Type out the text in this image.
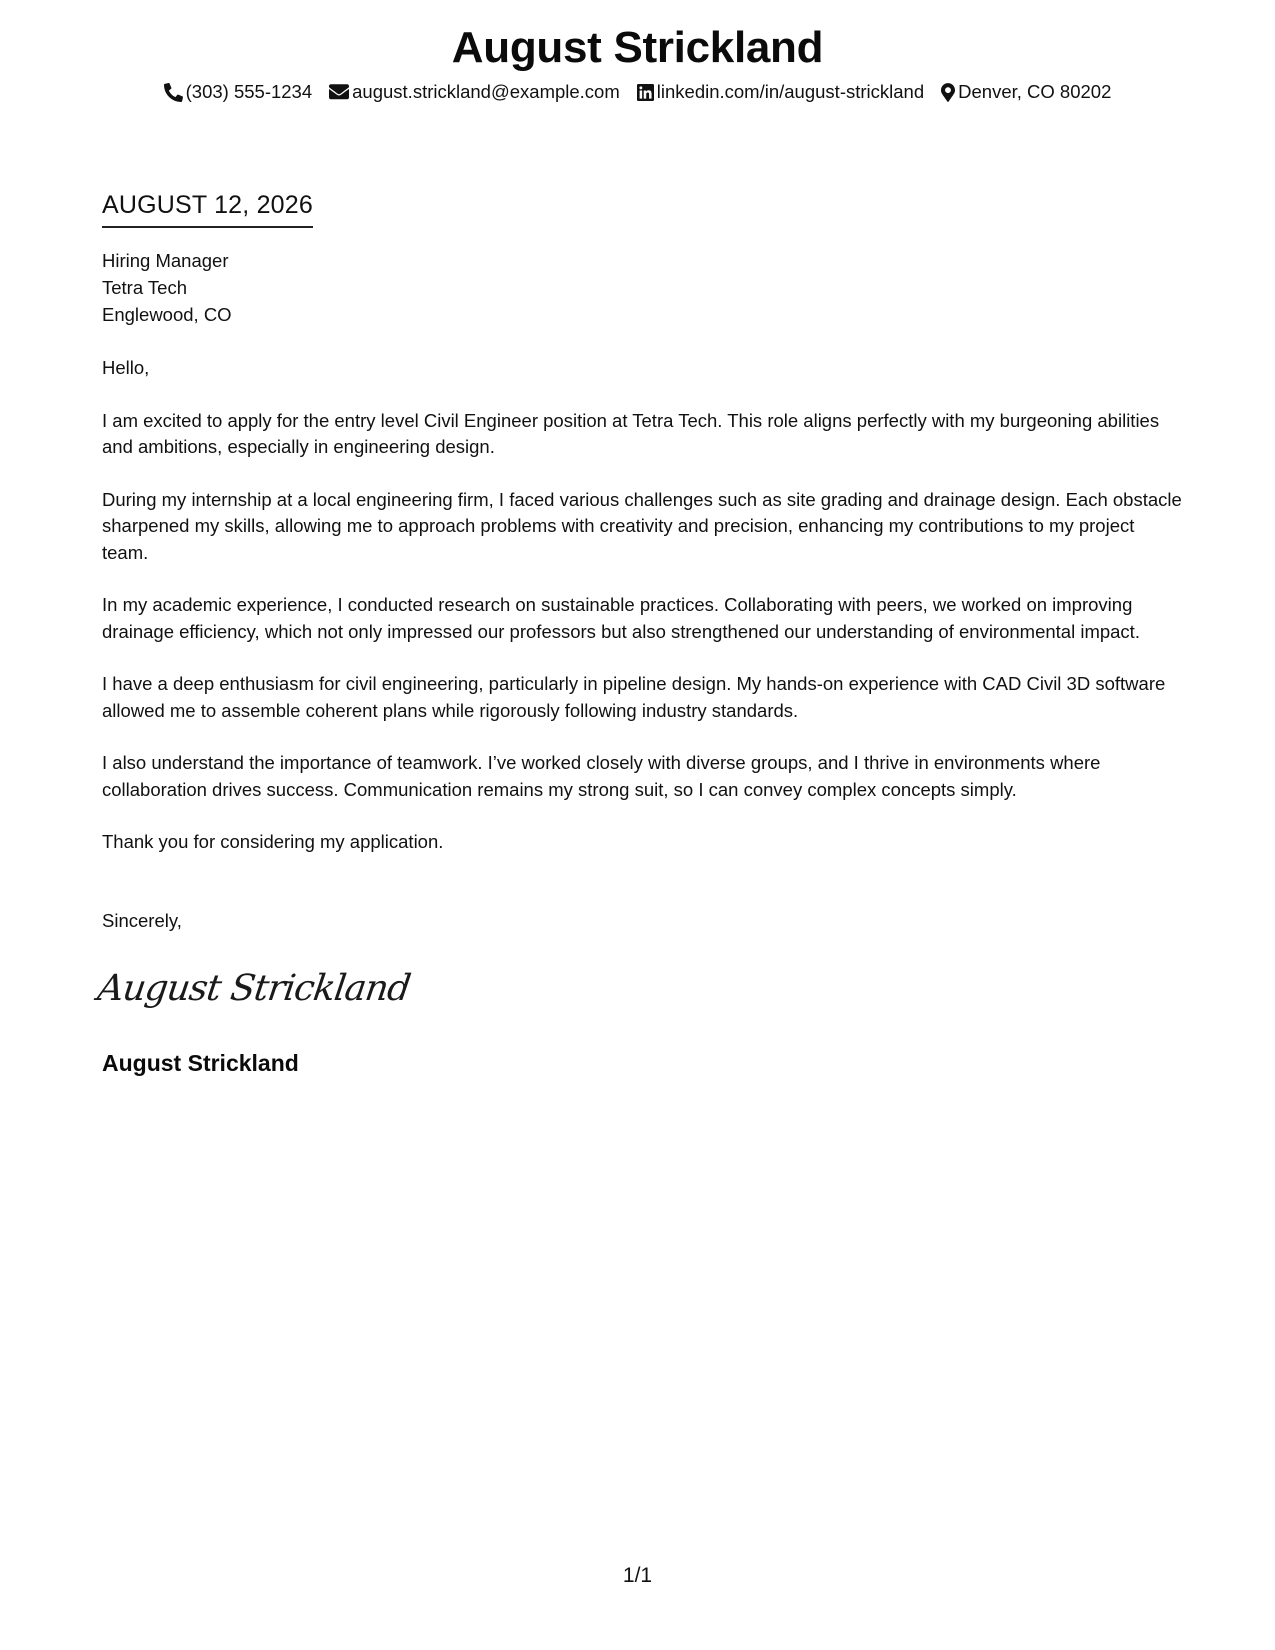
August Strickland
(303) 555-1234 august.strickland@example.com linkedin.com/in/august-strickland Denver, CO 80202
AUGUST 12, 2026
Hiring Manager
Tetra Tech
Englewood, CO

Hello,

I am excited to apply for the entry level Civil Engineer position at Tetra Tech. This role aligns perfectly with my burgeoning abilities and ambitions, especially in engineering design.

During my internship at a local engineering firm, I faced various challenges such as site grading and drainage design. Each obstacle sharpened my skills, allowing me to approach problems with creativity and precision, enhancing my contributions to my project team.

In my academic experience, I conducted research on sustainable practices. Collaborating with peers, we worked on improving drainage efficiency, which not only impressed our professors but also strengthened our understanding of environmental impact.

I have a deep enthusiasm for civil engineering, particularly in pipeline design. My hands-on experience with CAD Civil 3D software allowed me to assemble coherent plans while rigorously following industry standards.

I also understand the importance of teamwork. I’ve worked closely with diverse groups, and I thrive in environments where collaboration drives success. Communication remains my strong suit, so I can convey complex concepts simply.

Thank you for considering my application.

Sincerely,
August Strickland
August Strickland
1/1
